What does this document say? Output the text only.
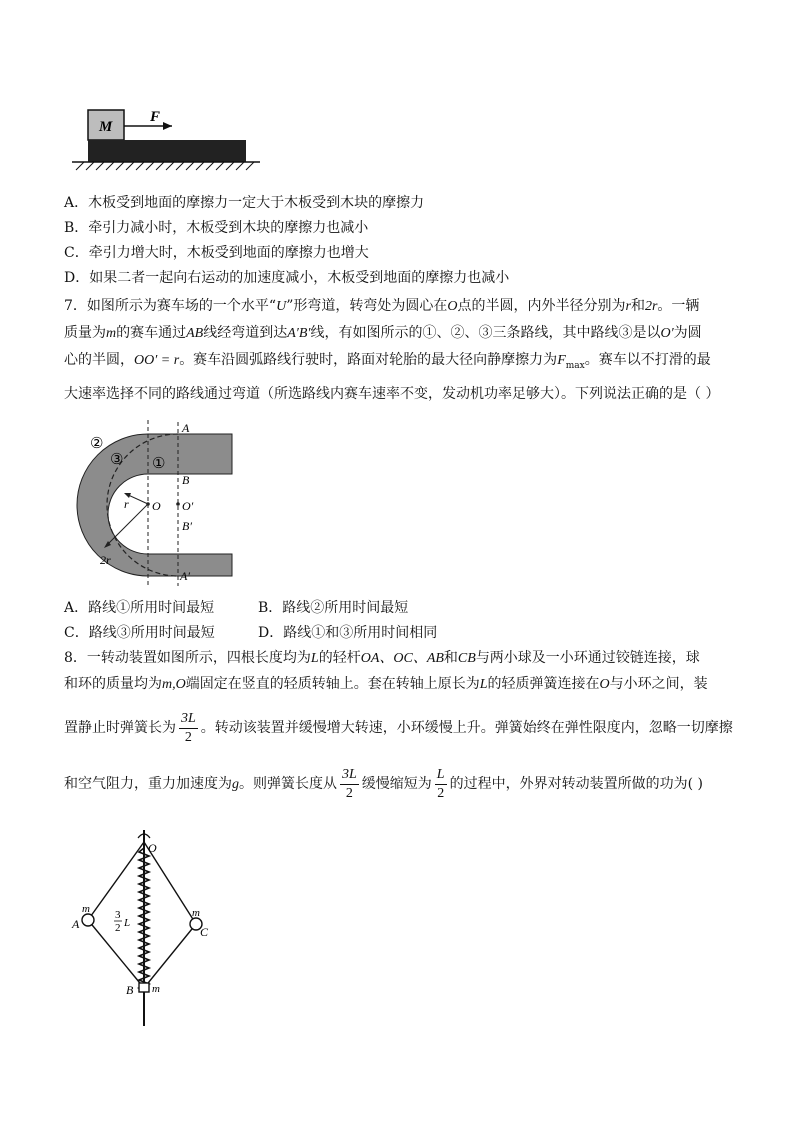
M
F
A．木板受到地面的摩擦力一定大于木板受到木块的摩擦力
B．牵引力减小时，木板受到木块的摩擦力也减小
C．牵引力增大时，木板受到地面的摩擦力也增大
D．如果二者一起向右运动的加速度减小，木板受到地面的摩擦力也减小
7．如图所示为赛车场的一个水平“U”形弯道，转弯处为圆心在O点的半圆，内外半径分别为r和2r。一辆
质量为m的赛车通过AB线经弯道到达A′B′线，有如图所示的①、②、③三条路线，其中路线③是以O′为圆
心的半圆，OO′ = r。赛车沿圆弧路线行驶时，路面对轮胎的最大径向静摩擦力为$F_{max}$。赛车以不打滑的最
大速率选择不同的路线通过弯道（所选路线内赛车速率不变，发动机功率足够大）。下列说法正确的是（ ）
②
③ ①
A
B
O O′
B′
A′
r
2r
A．路线①所用时间最短	B．路线②所用时间最短
C．路线③所用时间最短	D．路线①和③所用时间相同
8．一转动装置如图所示，四根长度均为L的轻杆OA、OC、AB和CB与两小球及一小环通过铰链连接，球
和环的质量均为m,O端固定在竖直的轻质转轴上。套在转轴上原长为L的轻质弹簧连接在O与小环之间，装
置静止时弹簧长为 $\frac{3L}{2}$ 。转动该装置并缓慢增大转速，小环缓慢上升。弹簧始终在弹性限度内，忽略一切摩擦
和空气阻力，重力加速度为g。则弹簧长度从 $\frac{3L}{2}$ 缓慢缩短为 $\frac{L}{2}$ 的过程中，外界对转动装置所做的功为( )
O
A
m	m
C
B m
3
2 L
